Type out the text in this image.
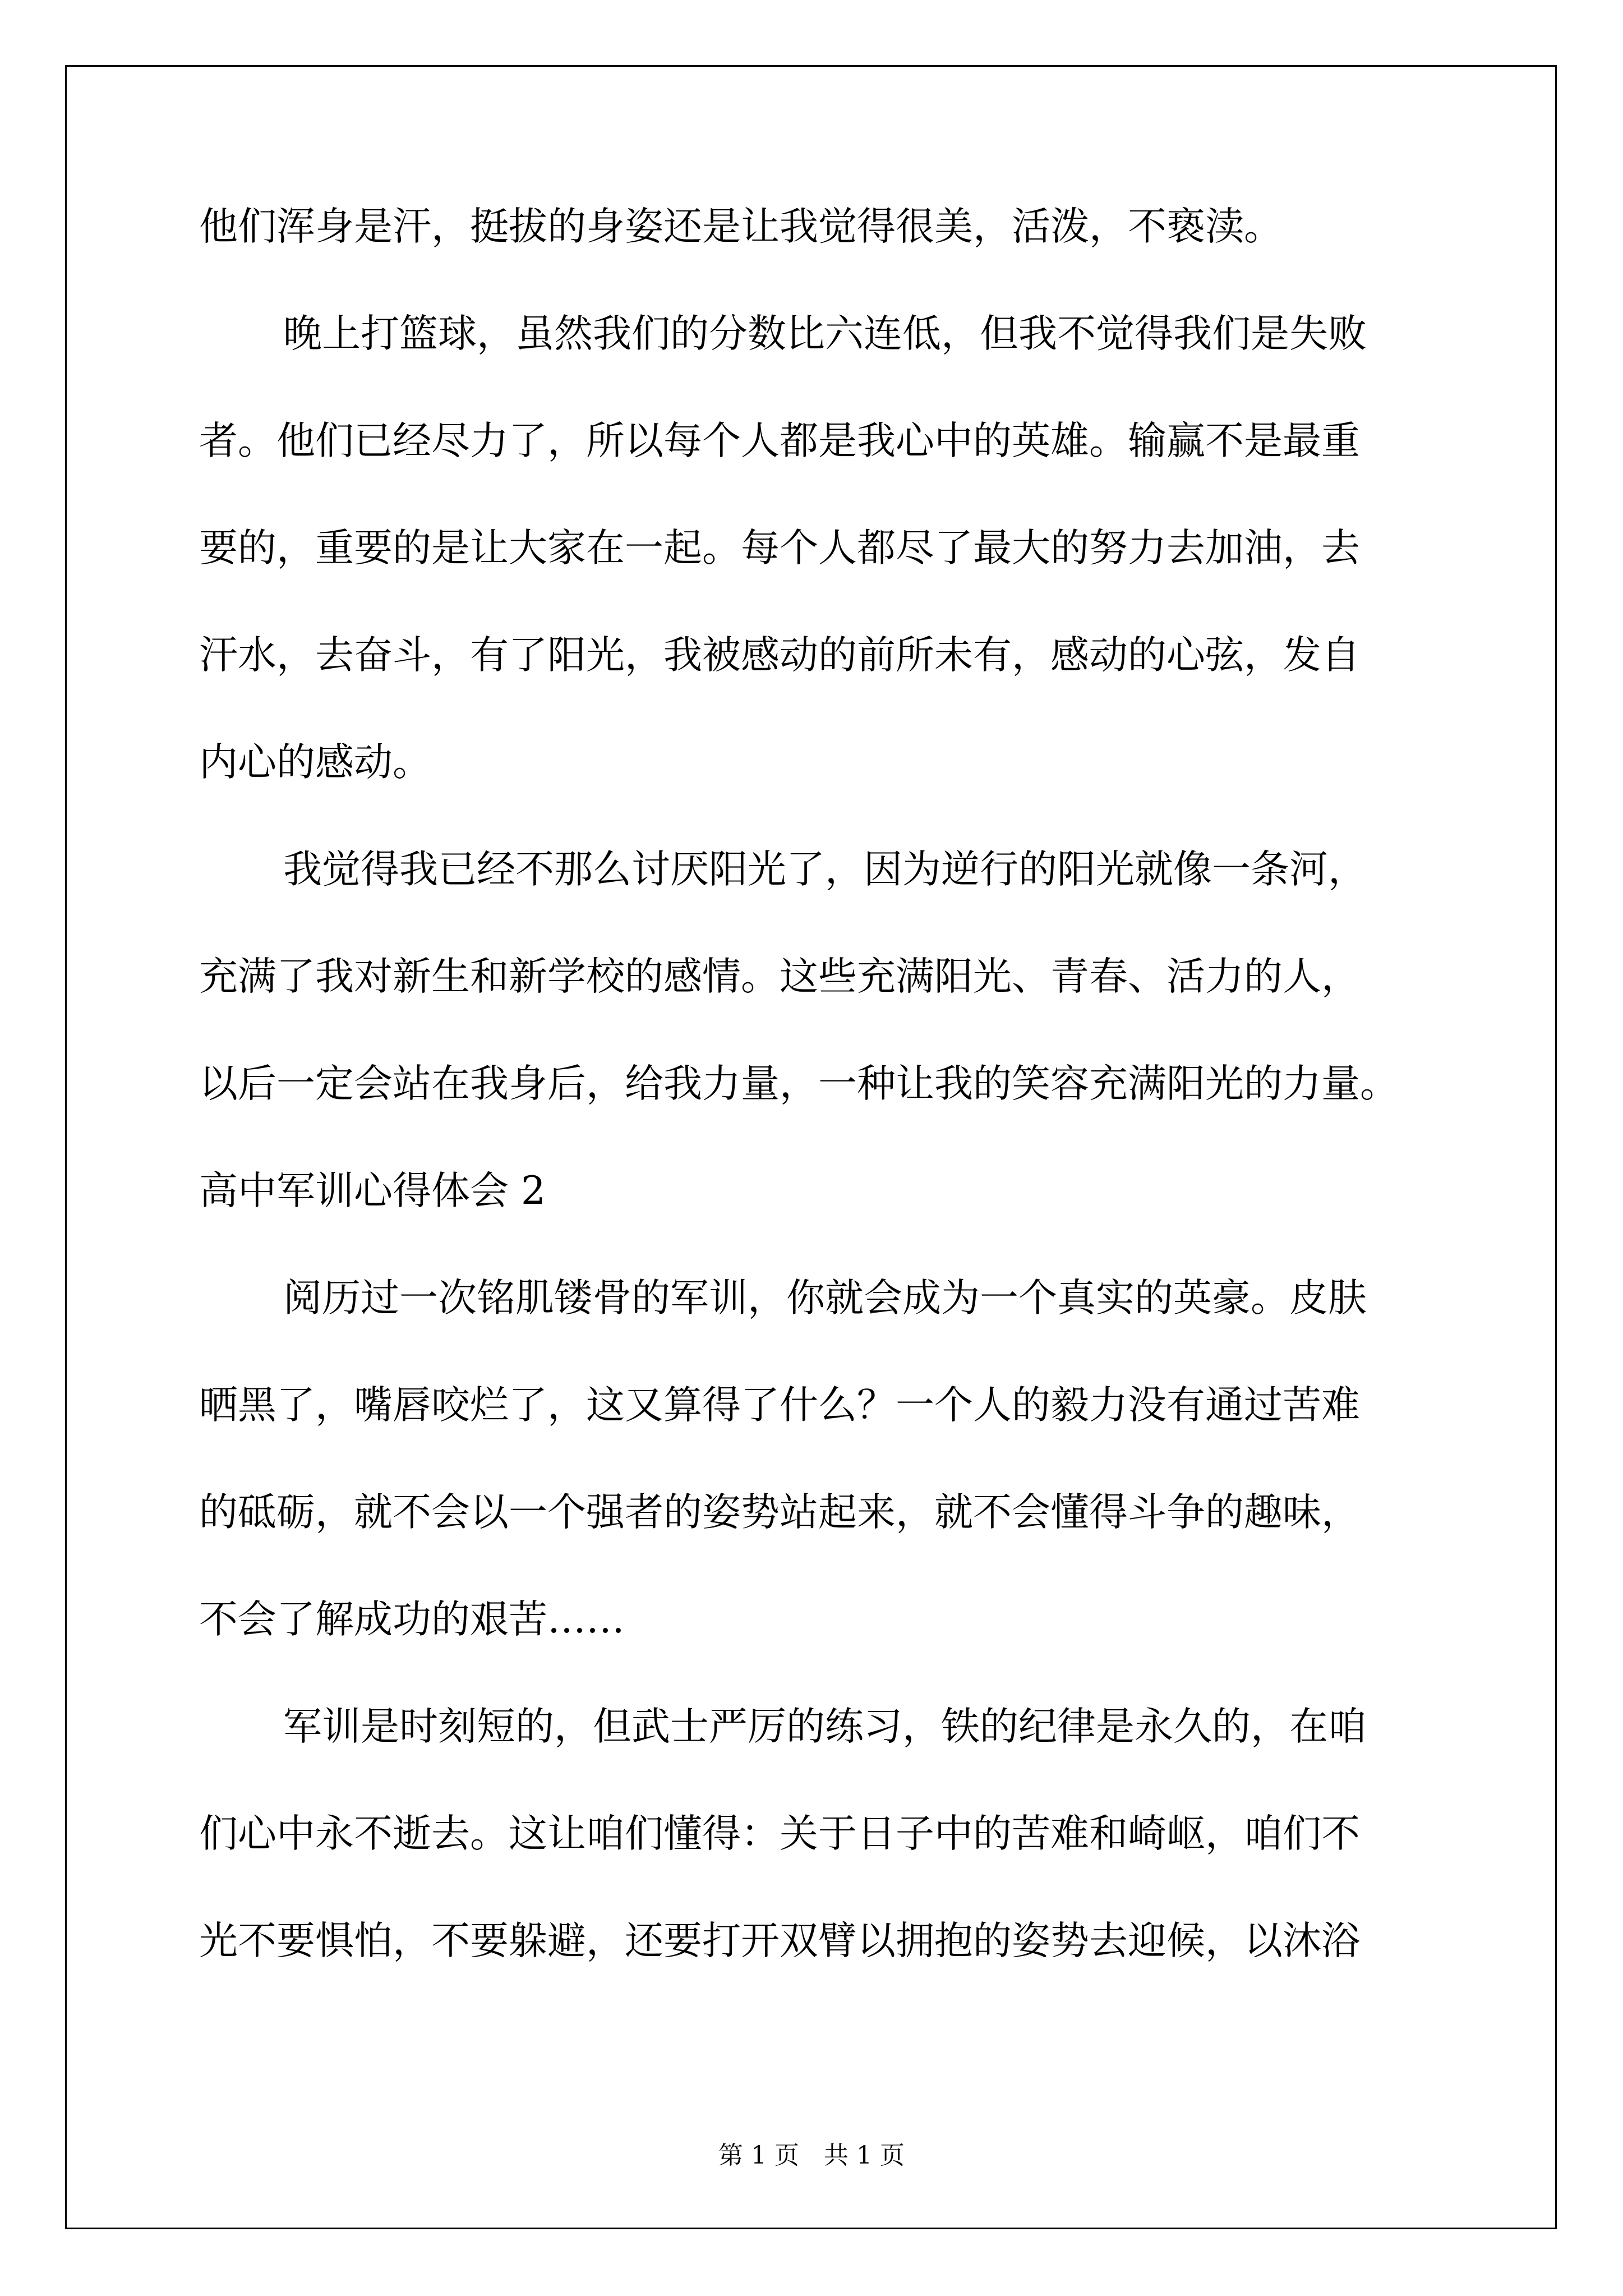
他们浑身是汗，挺拔的身姿还是让我觉得很美，活泼，不亵渎。
晚上打篮球，虽然我们的分数比六连低，但我不觉得我们是失败
者。他们已经尽力了，所以每个人都是我心中的英雄。输赢不是最重
要的，重要的是让大家在一起。每个人都尽了最大的努力去加油，去
汗水，去奋斗，有了阳光，我被感动的前所未有，感动的心弦，发自
内心的感动。
我觉得我已经不那么讨厌阳光了，因为逆行的阳光就像一条河，
充满了我对新生和新学校的感情。这些充满阳光、青春、活力的人，
以后一定会站在我身后，给我力量，一种让我的笑容充满阳光的力量。
高中军训心得体会 2
阅历过一次铭肌镂骨的军训，你就会成为一个真实的英豪。皮肤
晒黑了，嘴唇咬烂了，这又算得了什么？一个人的毅力没有通过苦难
的砥砺，就不会以一个强者的姿势站起来，就不会懂得斗争的趣味，
不会了解成功的艰苦……
军训是时刻短的，但武士严厉的练习，铁的纪律是永久的，在咱
们心中永不逝去。这让咱们懂得：关于日子中的苦难和崎岖，咱们不
光不要惧怕，不要躲避，还要打开双臂以拥抱的姿势去迎候，以沐浴
第 1 页　共 1 页
